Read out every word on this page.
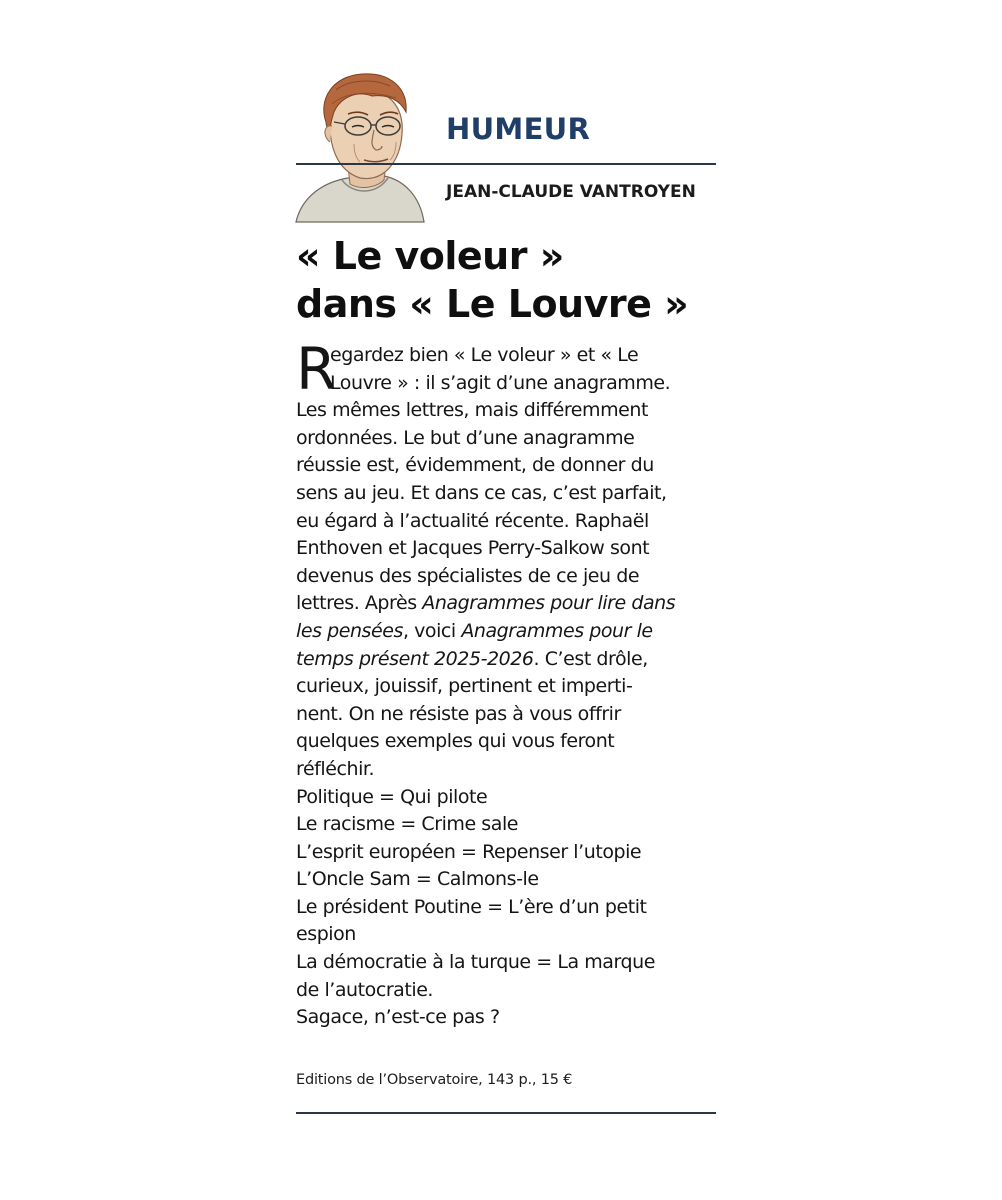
HUMEUR
JEAN-CLAUDE VANTROYEN
« Le voleur »
dans « Le Louvre »
R
egardez bien « Le voleur » et « Le
Louvre » : il s’agit d’une anagramme.
Les mêmes lettres, mais différemment
ordonnées. Le but d’une anagramme
réussie est, évidemment, de donner du
sens au jeu. Et dans ce cas, c’est parfait,
eu égard à l’actualité récente. Raphaël
Enthoven et Jacques Perry-Salkow sont
devenus des spécialistes de ce jeu de
lettres. Après Anagrammes pour lire dans
les pensées, voici Anagrammes pour le
temps présent 2025-2026. C’est drôle,
curieux, jouissif, pertinent et imperti-
nent. On ne résiste pas à vous offrir
quelques exemples qui vous feront
réfléchir.
Politique = Qui pilote
Le racisme = Crime sale
L’esprit européen = Repenser l’utopie
L’Oncle Sam = Calmons-le
Le président Poutine = L’ère d’un petit
espion
La démocratie à la turque = La marque
de l’autocratie.
Sagace, n’est-ce pas ?
Editions de l’Observatoire, 143 p., 15 €
